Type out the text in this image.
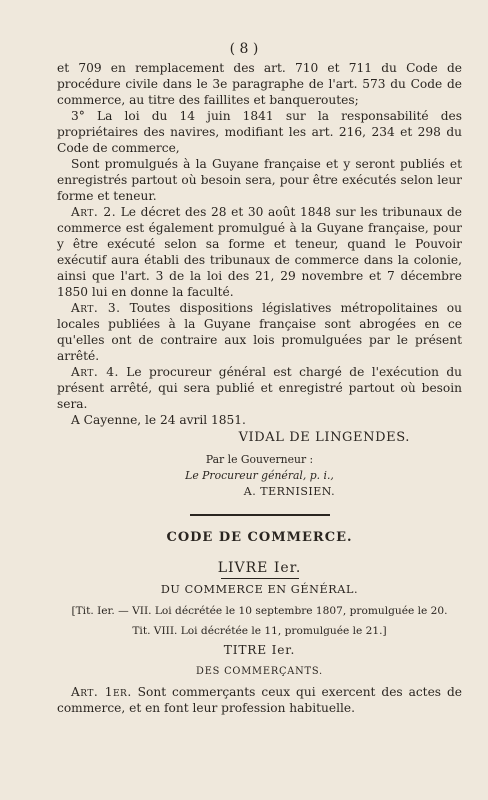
( 8 )

et 709 en remplacement des art. 710 et 711 du Code de procédure civile dans le 3e paragraphe de l'art. 573 du Code de commerce, au titre des faillites et banqueroutes;

3° La loi du 14 juin 1841 sur la responsabilité des propriétaires des navires, modifiant les art. 216, 234 et 298 du Code de commerce,

Sont promulgués à la Guyane française et y seront publiés et enregistrés partout où besoin sera, pour être exécutés selon leur forme et teneur.

Art. 2. Le décret des 28 et 30 août 1848 sur les tribunaux de commerce est également promulgué à la Guyane française, pour y être exécuté selon sa forme et teneur, quand le Pouvoir exécutif aura établi des tribunaux de commerce dans la colonie, ainsi que l'art. 3 de la loi des 21, 29 novembre et 7 décembre 1850 lui en donne la faculté.

Art. 3. Toutes dispositions législatives métropolitaines ou locales publiées à la Guyane française sont abrogées en ce qu'elles ont de contraire aux lois promulguées par le présent arrêté.

Art. 4. Le procureur général est chargé de l'exécution du présent arrêté, qui sera publié et enregistré partout où besoin sera.

A Cayenne, le 24 avril 1851.

VIDAL DE LINGENDES.
Par le Gouverneur :
Le Procureur général, p. i.,
A. TERNISIEN.
CODE DE COMMERCE.
LIVRE Ier.
DU COMMERCE EN GÉNÉRAL.
[Tit. Ier. — VII. Loi décrétée le 10 septembre 1807, promulguée le 20.
Tit. VIII. Loi décrétée le 11, promulguée le 21.]
TITRE Ier.
DES COMMERÇANTS.

Art. 1er. Sont commerçants ceux qui exercent des actes de commerce, et en font leur profession habituelle.
